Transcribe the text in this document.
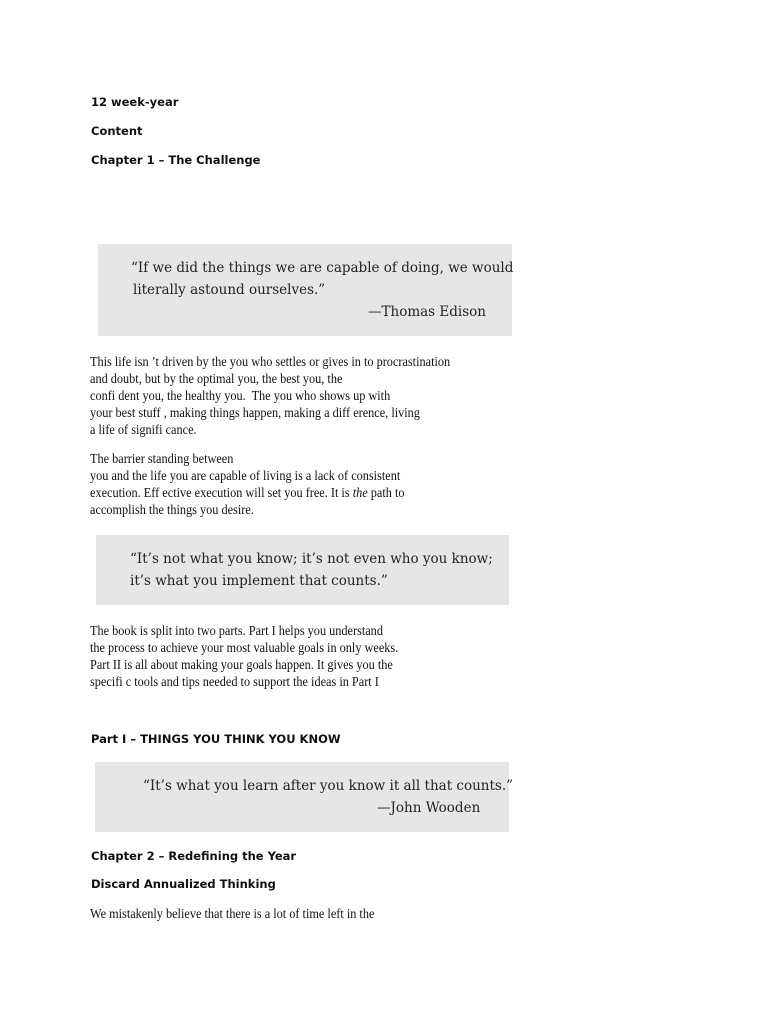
12 week-year
Content
Chapter 1 – The Challenge
“If we did the things we are capable of doing, we would
literally astound ourselves.”
—Thomas Edison
This life isn ’t driven by the you who settles or gives in to procrastination
and doubt, but by the optimal you, the best you, the
confi dent you, the healthy you.  The you who shows up with
your best stuff , making things happen, making a diff erence, living
a life of signifi cance.
The barrier standing between
you and the life you are capable of living is a lack of consistent
execution. Eff ective execution will set you free. It is the path to
accomplish the things you desire.
“It’s not what you know; it’s not even who you know;
it’s what you implement that counts.”
The book is split into two parts. Part I helps you understand
the process to achieve your most valuable goals in only weeks.
Part II is all about making your goals happen. It gives you the
specifi c tools and tips needed to support the ideas in Part I
Part I – THINGS YOU THINK YOU KNOW
“It’s what you learn after you know it all that counts.”
—John Wooden
Chapter 2 – Redefining the Year
Discard Annualized Thinking
We mistakenly believe that there is a lot of time left in the
